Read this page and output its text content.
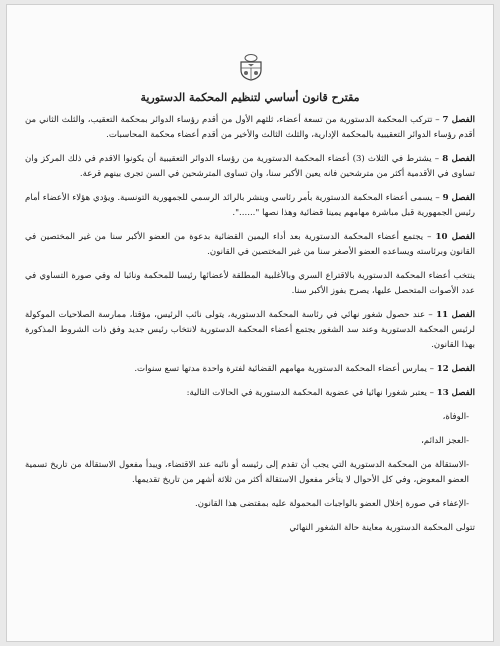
مقترح قانون أساسي لتنظيم المحكمة الدستورية

الفصل 7 – تتركب المحكمة الدستورية من تسعة أعضاء، ثلثهم الأول من أقدم رؤساء الدوائر بمحكمة التعقيب، والثلث الثاني من أقدم رؤساء الدوائر التعقيبية بالمحكمة الإدارية، والثلث الثالث والأخير من أقدم أعضاء محكمة المحاسبات.

الفصل 8 – يشترط في الثلاث (3) أعضاء المحكمة الدستورية من رؤساء الدوائر التعقيبية أن يكونوا الاقدم في ذلك المركز وان تساوى في الأقدمية أكثر من مترشحين فانه يعين الأكبر سنا، وان تساوى المترشحين في السن تجرى بينهم قرعة.

الفصل 9 – يسمى أعضاء المحكمة الدستورية بأمر رئاسي وينشر بالرائد الرسمي للجمهورية التونسية. ويؤدي هؤلاء الأعضاء أمام رئيس الجمهورية قبل مباشرة مهامهم يمينا قضائية وهذا نصها "......".

الفصل 10 – يجتمع أعضاء المحكمة الدستورية بعد أداء اليمين القضائية بدعوة من العضو الأكبر سنا من غير المختصين في القانون وبرئاسته ويساعده العضو الأصغر سنا من غير المختصين في القانون.

ينتخب أعضاء المحكمة الدستورية بالاقتراع السري وبالأغلبية المطلقة لأعضائها رئيسا للمحكمة ونائبا له وفي صورة التساوي في عدد الأصوات المتحصل عليها، يصرح بفوز الأكبر سنا.

الفصل 11 – عند حصول شغور نهائي في رئاسة المحكمة الدستورية، يتولى نائب الرئيس، مؤقتا، ممارسة الصلاحيات الموكولة لرئيس المحكمة الدستورية وعند سد الشغور يجتمع أعضاء المحكمة الدستورية لانتخاب رئيس جديد وفق ذات الشروط المذكورة بهذا القانون.

الفصل 12 – يمارس أعضاء المحكمة الدستورية مهامهم القضائية لفترة واحدة مدتها تسع سنوات.

الفصل 13 – يعتبر شغورا نهائيا في عضوية المحكمة الدستورية في الحالات التالية:

-الوفاة،
-العجز الدائم،
-الاستقالة من المحكمة الدستورية التي يجب أن تقدم إلى رئيسه أو نائبه عند الاقتضاء، ويبدأ مفعول الاستقالة من تاريخ تسمية العضو المعوض، وفي كل الأحوال لا يتأخر مفعول الاستقالة أكثر من ثلاثة أشهر من تاريخ تقديمها.
-الإعفاء في صورة إخلال العضو بالواجبات المحمولة عليه بمقتضى هذا القانون.

تتولى المحكمة الدستورية معاينة حالة الشغور النهائي
